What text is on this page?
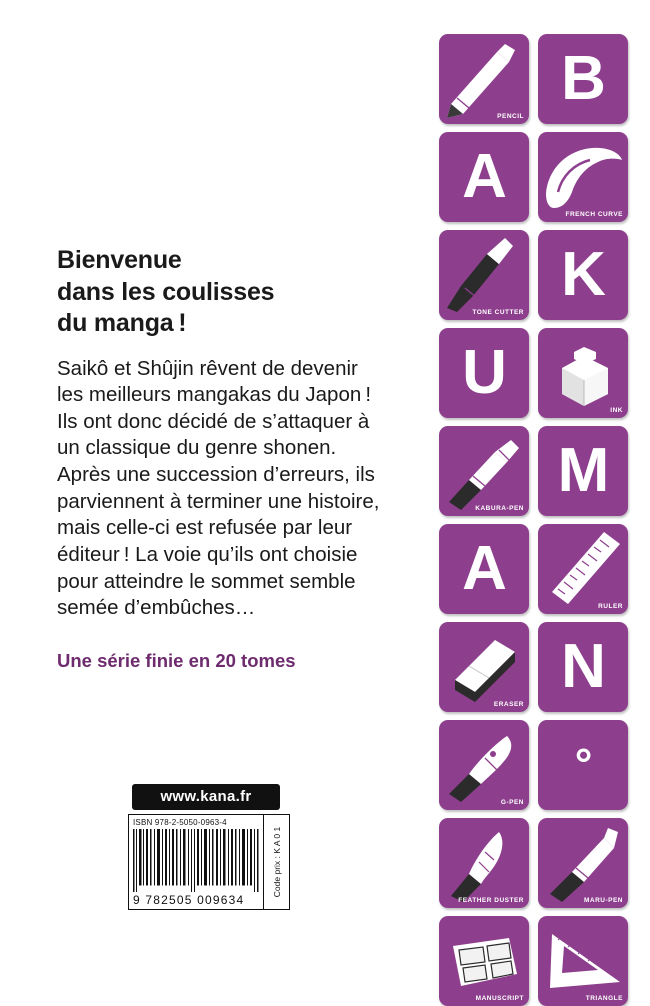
Bienvenue
dans les coulisses
du manga !
Saikô et Shûjin rêvent de devenir
les meilleurs mangakas du Japon !
Ils ont donc décidé de s’attaquer à
un classique du genre shonen.
Après une succession d’erreurs, ils
parviennent à terminer une histoire,
mais celle-ci est refusée par leur
éditeur ! La voie qu’ils ont choisie
pour atteindre le sommet semble
semée d’embûches…
Une série finie en 20 tomes
www.kana.fr
ISBN 978-2-5050-0963-4
9 782505 009634
Code prix : K A 0 1
PENCIL
B
A
FRENCH CURVE
TONE CUTTER
K
U
INK
KABURA-PEN
M
A
RULER
ERASER
N
G-PEN
°
FEATHER DUSTER	MARU-PEN
MANUSCRIPT	TRIANGLE
